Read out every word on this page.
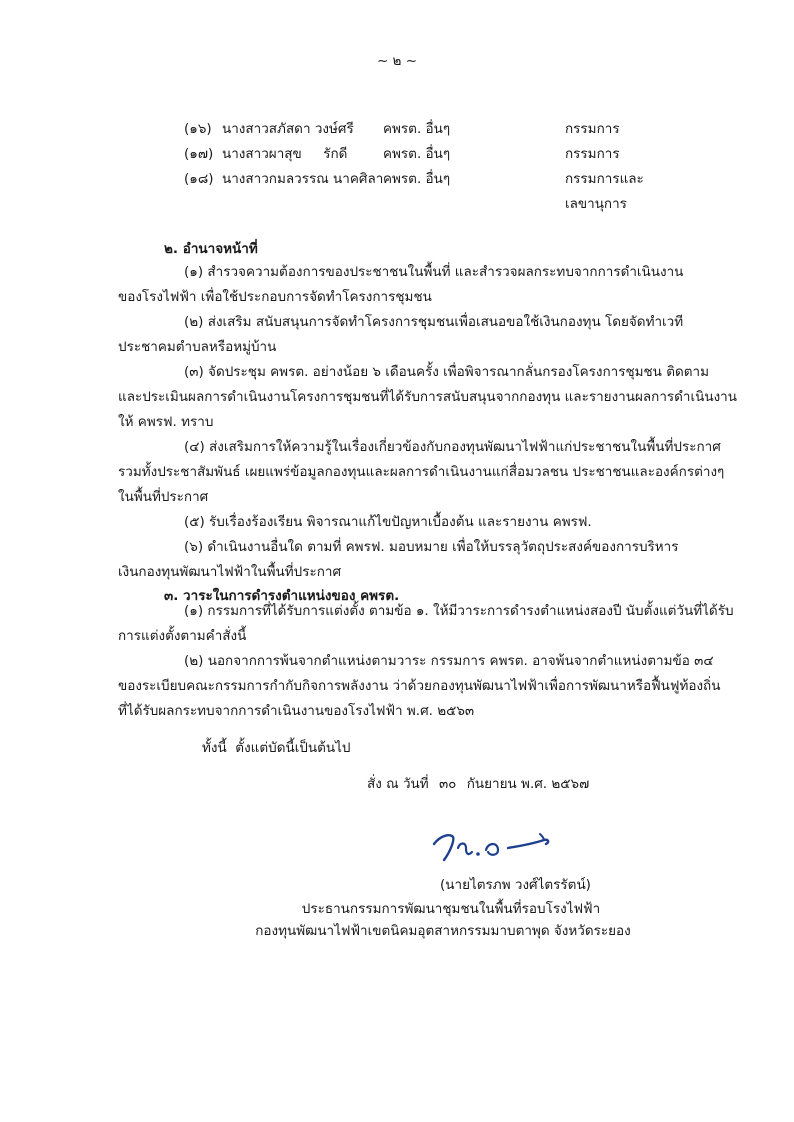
~ ๒ ~
(๑๖) นางสาวสภัสดา วงษ์ศรี คพรต. อื่นๆ	กรรมการ
(๑๗) นางสาวผาสุข     รักดี	คพรต. อื่นๆ	กรรมการ
(๑๘) นางสาวกมลวรรณ นาคศิลา คพรต. อื่นๆ	กรรมการและ
เลขานุการ
๒. อำนาจหน้าที่
(๑) สำรวจความต้องการของประชาชนในพื้นที่ และสำรวจผลกระทบจากการดำเนินงาน
ของโรงไฟฟ้า เพื่อใช้ประกอบการจัดทำโครงการชุมชน
(๒) ส่งเสริม สนับสนุนการจัดทำโครงการชุมชนเพื่อเสนอขอใช้เงินกองทุน โดยจัดทำเวที
ประชาคมตำบลหรือหมู่บ้าน
(๓) จัดประชุม คพรต. อย่างน้อย ๖ เดือนครั้ง เพื่อพิจารณากลั่นกรองโครงการชุมชน ติดตาม
และประเมินผลการดำเนินงานโครงการชุมชนที่ได้รับการสนับสนุนจากกองทุน และรายงานผลการดำเนินงาน
ให้ คพรฟ. ทราบ
(๔) ส่งเสริมการให้ความรู้ในเรื่องเกี่ยวข้องกับกองทุนพัฒนาไฟฟ้าแก่ประชาชนในพื้นที่ประกาศ
รวมทั้งประชาสัมพันธ์ เผยแพร่ข้อมูลกองทุนและผลการดำเนินงานแก่สื่อมวลชน ประชาชนและองค์กรต่างๆ
ในพื้นที่ประกาศ
(๕) รับเรื่องร้องเรียน พิจารณาแก้ไขปัญหาเบื้องต้น และรายงาน คพรฟ.
(๖) ดำเนินงานอื่นใด ตามที่ คพรฟ. มอบหมาย เพื่อให้บรรลุวัตถุประสงค์ของการบริหาร
เงินกองทุนพัฒนาไฟฟ้าในพื้นที่ประกาศ
๓. วาระในการดำรงตำแหน่งของ คพรต.
(๑) กรรมการที่ได้รับการแต่งตั้ง ตามข้อ ๑. ให้มีวาระการดำรงตำแหน่งสองปี นับตั้งแต่วันที่ได้รับ
การแต่งตั้งตามคำสั่งนี้
(๒) นอกจากการพ้นจากตำแหน่งตามวาระ กรรมการ คพรต. อาจพ้นจากตำแหน่งตามข้อ ๓๔
ของระเบียบคณะกรรมการกำกับกิจการพลังงาน ว่าด้วยกองทุนพัฒนาไฟฟ้าเพื่อการพัฒนาหรือฟื้นฟูท้องถิ่น
ที่ได้รับผลกระทบจากการดำเนินงานของโรงไฟฟ้า พ.ศ. ๒๕๖๓
ทั้งนี้  ตั้งแต่บัดนี้เป็นต้นไป
สั่ง ณ วันที่ ๓๐ กันยายน พ.ศ. ๒๕๖๗
(นายไตรภพ วงศ์ไตรรัตน์)
ประธานกรรมการพัฒนาชุมชนในพื้นที่รอบโรงไฟฟ้า
กองทุนพัฒนาไฟฟ้าเขตนิคมอุตสาหกรรมมาบตาพุด จังหวัดระยอง
